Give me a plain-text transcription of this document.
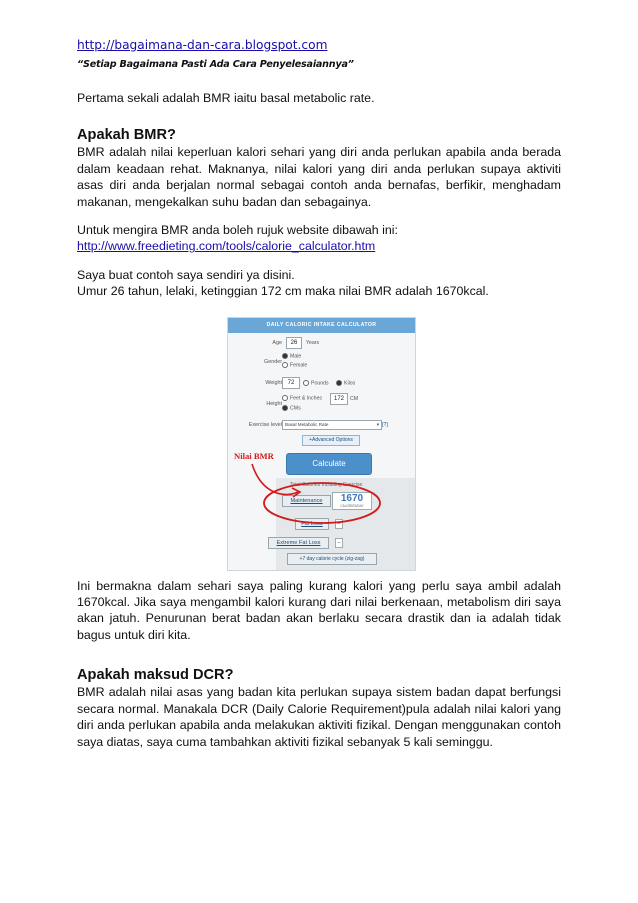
http://bagaimana-dan-cara.blogspot.com
“Setiap Bagaimana Pasti Ada Cara Penyelesaiannya”

Pertama sekali adalah BMR iaitu basal metabolic rate.

Apakah BMR?

BMR adalah nilai keperluan kalori sehari yang diri anda perlukan apabila anda berada dalam keadaan rehat. Maknanya, nilai kalori yang diri anda perlukan supaya aktiviti asas diri anda berjalan normal sebagai contoh anda bernafas, berfikir, menghadam makanan, mengekalkan suhu badan dan sebagainya.

Untuk mengira BMR anda boleh rujuk website dibawah ini:

http://www.freedieting.com/tools/calorie_calculator.htm

Saya buat contoh saya sendiri ya disini.

Umur 26 tahun, lelaki, ketinggian 172 cm maka nilai BMR adalah 1670kcal.

Ini bermakna dalam sehari saya paling kurang kalori yang perlu saya ambil adalah 1670kcal. Jika saya mengambil kalori kurang dari nilai berkenaan, metabolism diri saya akan jatuh. Penurunan berat badan akan berlaku secara drastik dan ia adalah tidak bagus untuk diri kita.

Apakah maksud DCR?

BMR adalah nilai asas yang badan kita perlukan supaya sistem badan dapat berfungsi secara normal. Manakala DCR (Daily Calorie Requirement)pula adalah nilai kalori yang diri anda perlukan apabila anda melakukan aktiviti fizikal. Dengan menggunakan contoh saya diatas, saya cuma tambahkan aktiviti fizikal sebanyak 5 kali seminggu.

DAILY CALORIC INTAKE CALCULATOR
Age	26	Years
Gender
Male
Female
Weight 72	Pounds	Kilos
Height
Feet & Inches	172	CM
CMs
Exercise level Basal Metabolic Rate	▾ [?]
+Advanced Options
Calculate
Total Calories Including Exercise
Maintenance	1670
CALORIES/DAY
Fat Loss	–
Extreme Fat Loss	–
+7 day calorie cycle (zig-zag)
Nilai BMR
